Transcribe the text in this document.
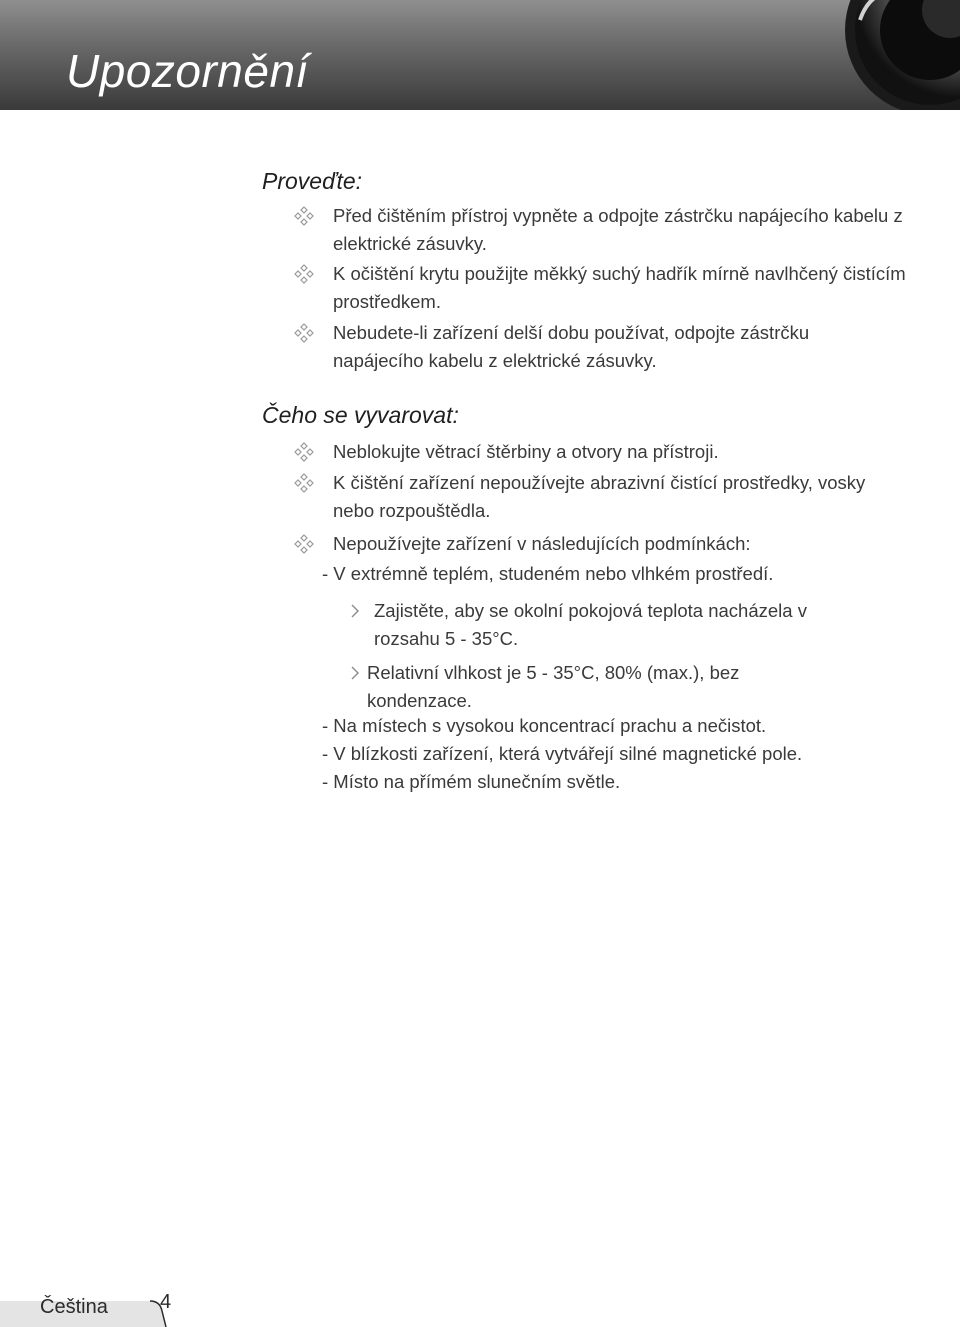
Upozornění
Proveďte:

Před čištěním přístroj vypněte a odpojte zástrčku napájecího kabelu z elektrické zásuvky.

K očištění krytu použijte měkký suchý hadřík mírně navlhčený čistícím prostředkem.

Nebudete-li zařízení delší dobu používat, odpojte zástrčku napájecího kabelu z elektrické zásuvky.

Čeho se vyvarovat:

Neblokujte větrací štěrbiny a otvory na přístroji.

K čištění zařízení nepoužívejte abrazivní čistící prostředky, vosky nebo rozpouštědla.

Nepoužívejte zařízení v následujících podmínkách:

- V extrémně teplém, studeném nebo vlhkém prostředí.

Zajistěte, aby se okolní pokojová teplota nacházela v rozsahu 5 - 35°C.

Relativní vlhkost je 5 - 35°C, 80% (max.), bez kondenzace.

- Na místech s vysokou koncentrací prachu a nečistot.

- V blízkosti zařízení, která vytvářejí silné magnetické pole.

- Místo na přímém slunečním světle.

Čeština	4
